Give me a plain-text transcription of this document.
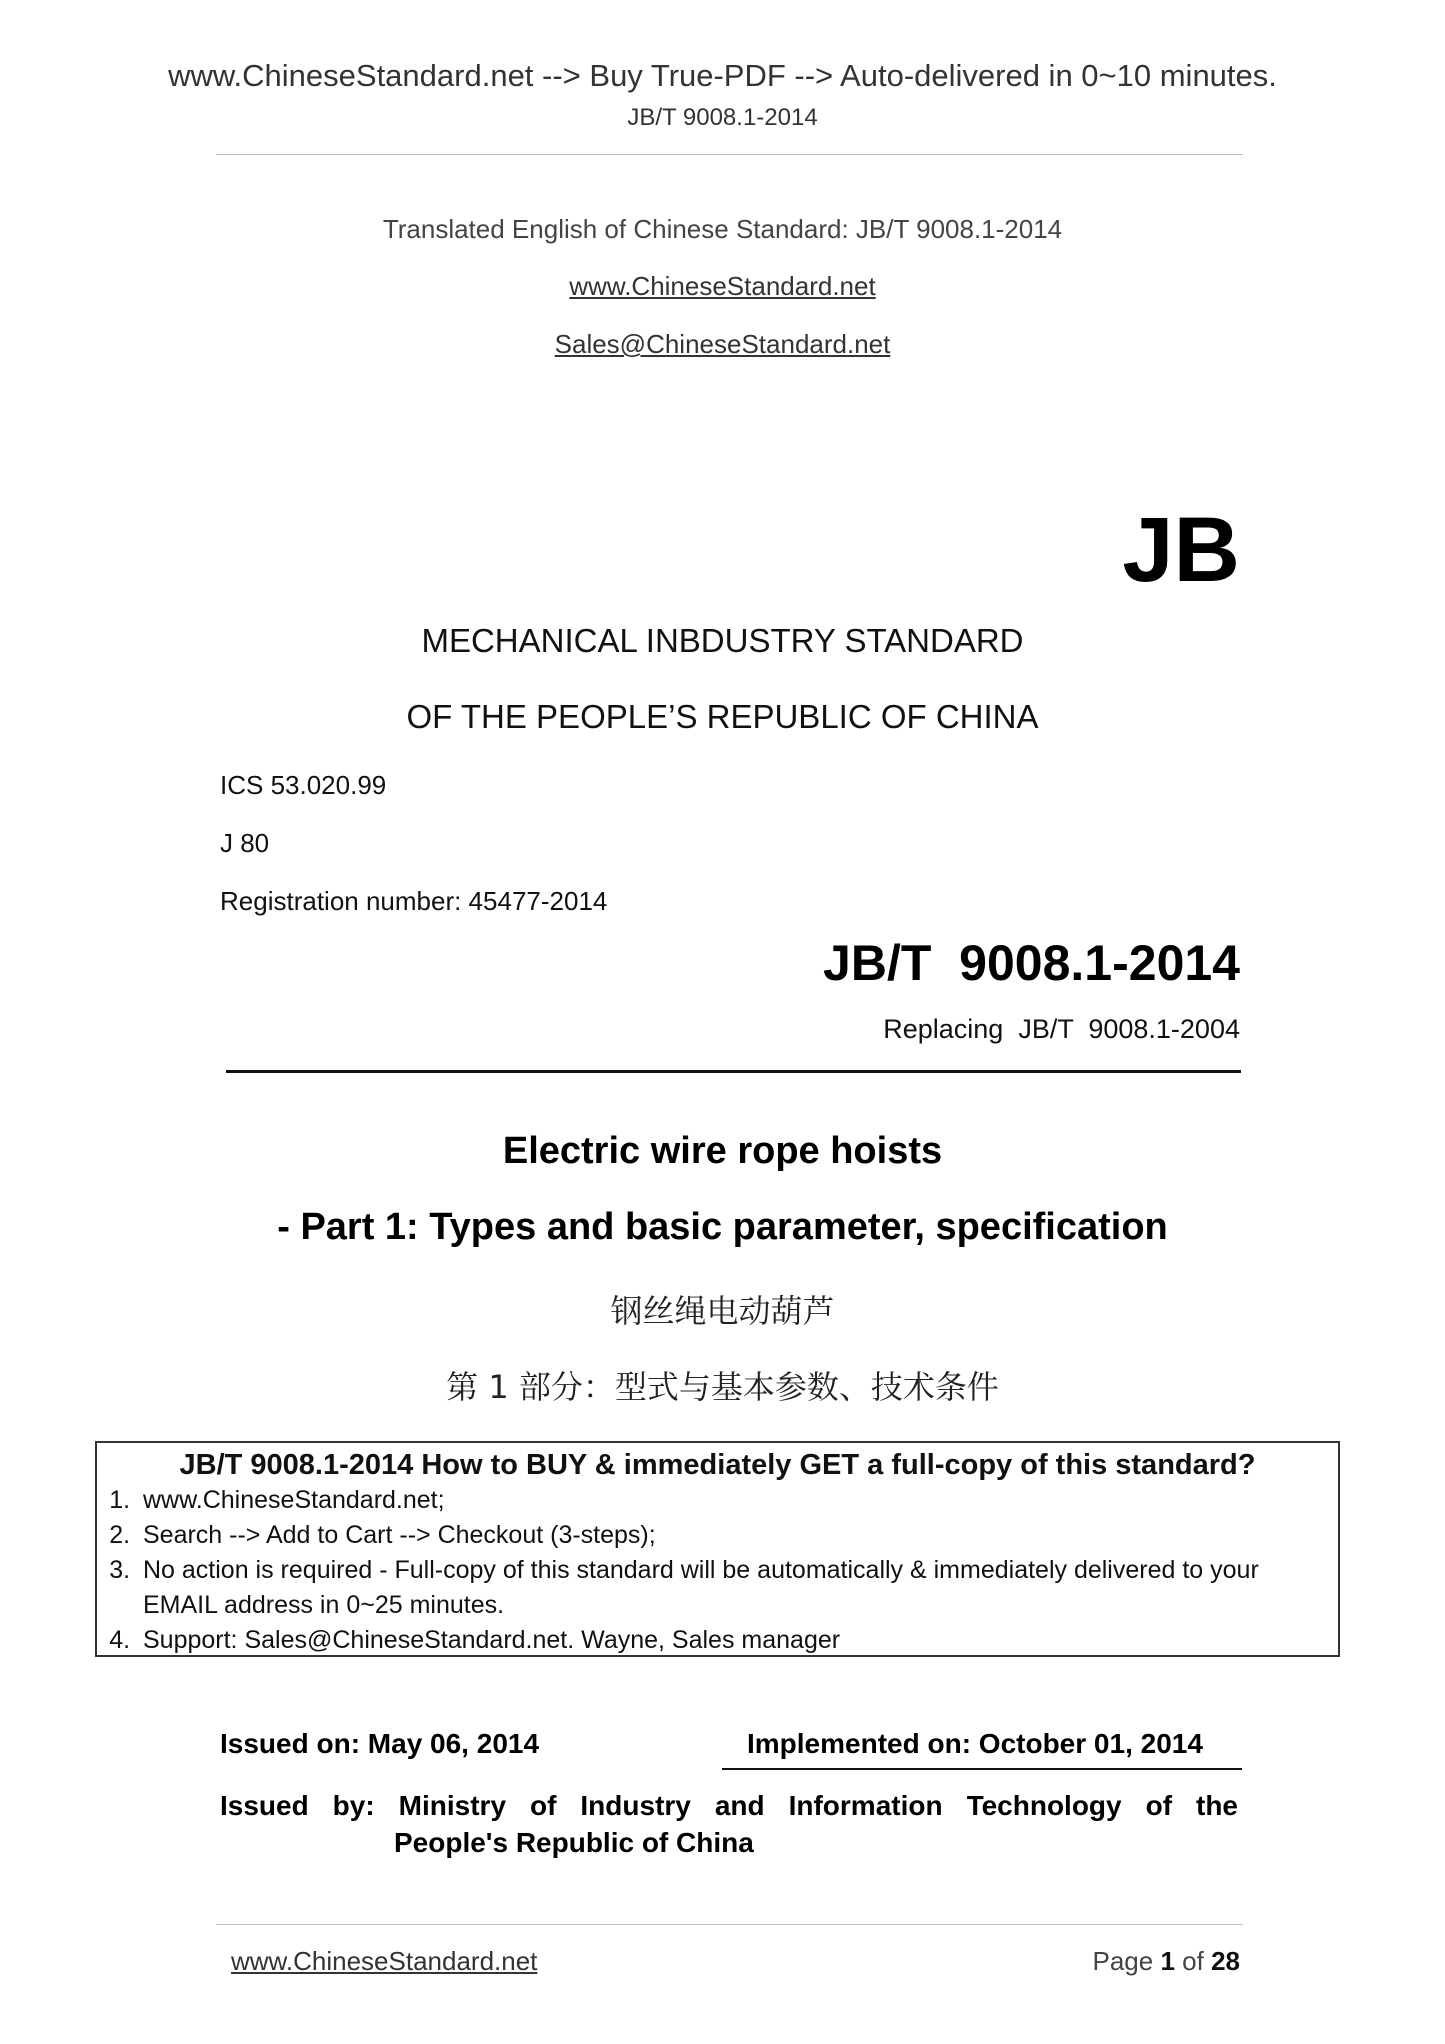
www.ChineseStandard.net --> Buy True-PDF --> Auto-delivered in 0~10 minutes.
JB/T 9008.1-2014
Translated English of Chinese Standard: JB/T 9008.1-2014
www.ChineseStandard.net
Sales@ChineseStandard.net
JB
MECHANICAL INBDUSTRY STANDARD
OF THE PEOPLE’S REPUBLIC OF CHINA
ICS 53.020.99
J 80
Registration number: 45477-2014
JB/T  9008.1-2014
Replacing  JB/T  9008.1-2004
Electric wire rope hoists
- Part 1: Types and basic parameter, specification
钢丝绳电动葫芦
第 1 部分：型式与基本参数、技术条件
JB/T 9008.1-2014 How to BUY & immediately GET a full-copy of this standard?
1. www.ChineseStandard.net;
2. Search --> Add to Cart --> Checkout (3-steps);
3. No action is required - Full-copy of this standard will be automatically & immediately delivered to your EMAIL address in 0~25 minutes.
4. Support: Sales@ChineseStandard.net. Wayne, Sales manager
Issued on: May 06, 2014	Implemented on: October 01, 2014
Issued by: Ministry of Industry and Information Technology of the
People's Republic of China
www.ChineseStandard.net	Page 1 of 28
